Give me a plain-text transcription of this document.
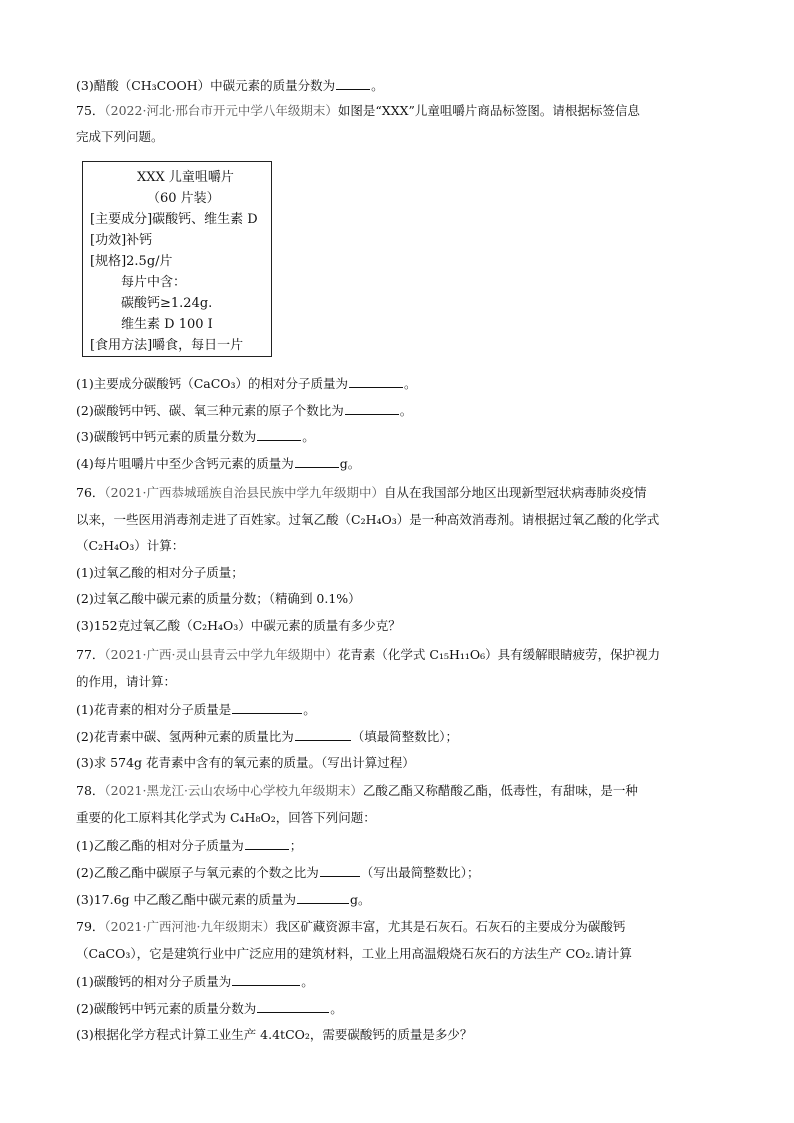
(3)醋酸（CH₃COOH）中碳元素的质量分数为	。
75．（2022·河北·邢台市开元中学八年级期末）如图是“XXX”儿童咀嚼片商品标签图。请根据标签信息
完成下列问题。
XXX 儿童咀嚼片
（60 片装）
[主要成分]碳酸钙、维生素 D
[功效]补钙
[规格]2.5g/片
每片中含：
碳酸钙≥1.24g.
维生素 D 100 I
[食用方法]嚼食，每日一片
(1)主要成分碳酸钙（CaCO₃）的相对分子质量为	。
(2)碳酸钙中钙、碳、氧三种元素的原子个数比为	。
(3)碳酸钙中钙元素的质量分数为	。
(4)每片咀嚼片中至少含钙元素的质量为	g。
76．（2021·广西恭城瑶族自治县民族中学九年级期中）自从在我国部分地区出现新型冠状病毒肺炎疫情
以来，一些医用消毒剂走进了百姓家。过氧乙酸（C₂H₄O₃）是一种高效消毒剂。请根据过氧乙酸的化学式
（C₂H₄O₃）计算：
(1)过氧乙酸的相对分子质量；
(2)过氧乙酸中碳元素的质量分数；（精确到 0.1%）
(3)152克过氧乙酸（C₂H₄O₃）中碳元素的质量有多少克？
77．（2021·广西·灵山县青云中学九年级期中）花青素（化学式 C₁₅H₁₁O₆）具有缓解眼睛疲劳，保护视力
的作用，请计算：
(1)花青素的相对分子质量是	。
(2)花青素中碳、氢两种元素的质量比为	（填最简整数比）；
(3)求 574g 花青素中含有的氧元素的质量。（写出计算过程）
78．（2021·黑龙江·云山农场中心学校九年级期末）乙酸乙酯又称醋酸乙酯，低毒性，有甜味，是一种
重要的化工原料其化学式为 C₄H₈O₂，回答下列问题：
(1)乙酸乙酯的相对分子质量为	；
(2)乙酸乙酯中碳原子与氧元素的个数之比为	（写出最简整数比）；
(3)17.6g 中乙酸乙酯中碳元素的质量为	g。
79．（2021·广西河池·九年级期末）我区矿藏资源丰富，尤其是石灰石。石灰石的主要成分为碳酸钙
（CaCO₃），它是建筑行业中广泛应用的建筑材料，工业上用高温煅烧石灰石的方法生产 CO₂.请计算
(1)碳酸钙的相对分子质量为	。
(2)碳酸钙中钙元素的质量分数为	。
(3)根据化学方程式计算工业生产 4.4tCO₂，需要碳酸钙的质量是多少？
